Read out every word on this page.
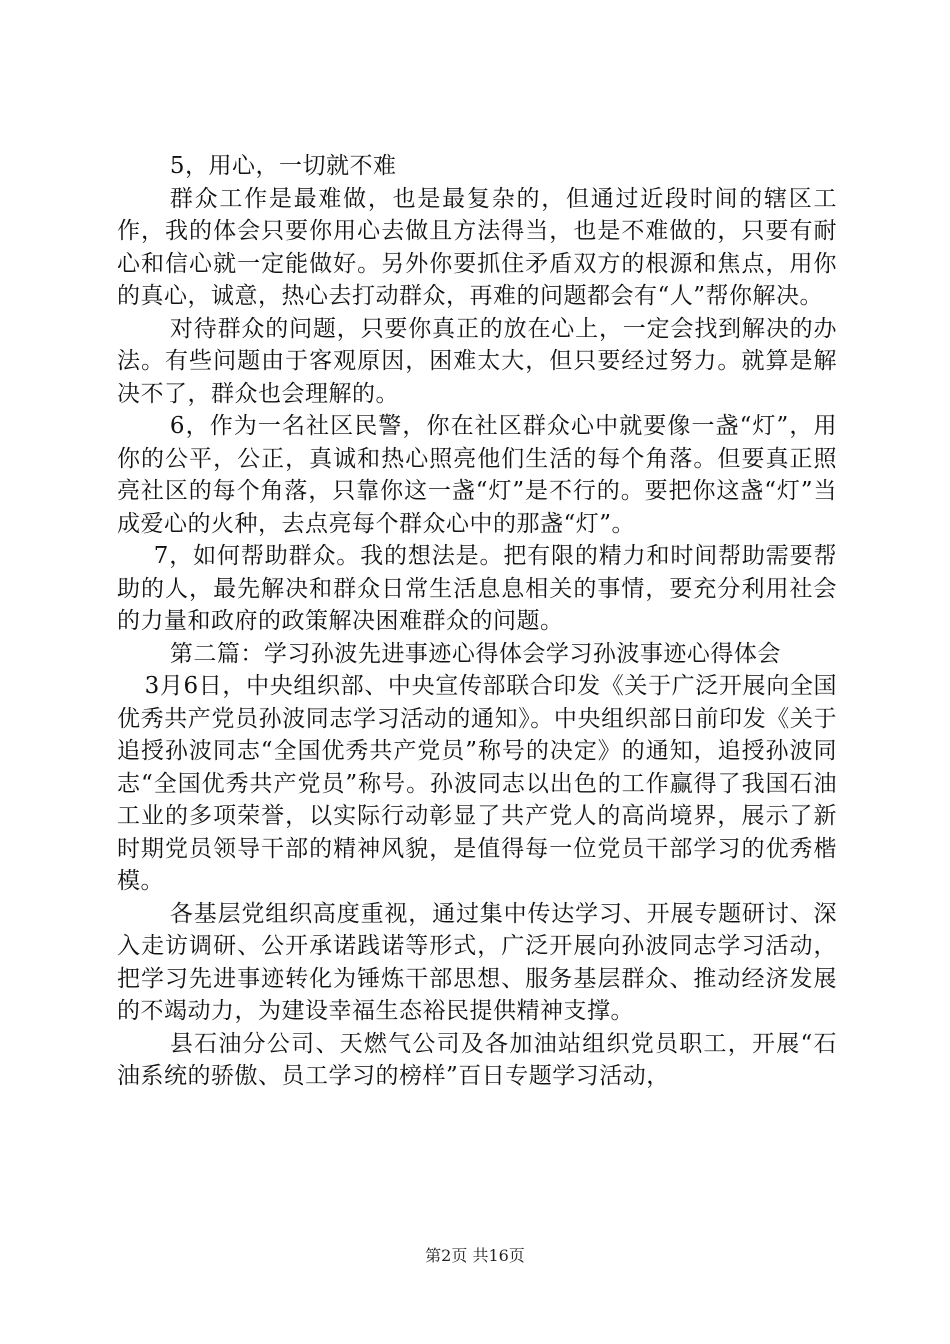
5，用心，一切就不难

群众工作是最难做，也是最复杂的，但通过近段时间的辖区工作，我的体会只要你用心去做且方法得当，也是不难做的，只要有耐心和信心就一定能做好。另外你要抓住矛盾双方的根源和焦点，用你的真心，诚意，热心去打动群众，再难的问题都会有“人”帮你解决。

对待群众的问题，只要你真正的放在心上，一定会找到解决的办法。有些问题由于客观原因，困难太大，但只要经过努力。就算是解决不了，群众也会理解的。

6，作为一名社区民警，你在社区群众心中就要像一盏“灯”，用你的公平，公正，真诚和热心照亮他们生活的每个角落。但要真正照亮社区的每个角落，只靠你这一盏“灯”是不行的。要把你这盏“灯”当成爱心的火种，去点亮每个群众心中的那盏“灯”。

7，如何帮助群众。我的想法是。把有限的精力和时间帮助需要帮助的人，最先解决和群众日常生活息息相关的事情，要充分利用社会的力量和政府的政策解决困难群众的问题。

第二篇：学习孙波先进事迹心得体会学习孙波事迹心得体会

3月6日，中央组织部、中央宣传部联合印发《关于广泛开展向全国优秀共产党员孙波同志学习活动的通知》。中央组织部日前印发《关于追授孙波同志“全国优秀共产党员”称号的决定》的通知，追授孙波同志“全国优秀共产党员”称号。孙波同志以出色的工作赢得了我国石油工业的多项荣誉，以实际行动彰显了共产党人的高尚境界，展示了新时期党员领导干部的精神风貌，是值得每一位党员干部学习的优秀楷模。

各基层党组织高度重视，通过集中传达学习、开展专题研讨、深入走访调研、公开承诺践诺等形式，广泛开展向孙波同志学习活动，把学习先进事迹转化为锤炼干部思想、服务基层群众、推动经济发展的不竭动力，为建设幸福生态裕民提供精神支撑。

县石油分公司、天燃气公司及各加油站组织党员职工，开展“石油系统的骄傲、员工学习的榜样”百日专题学习活动，

第2页 共16页
